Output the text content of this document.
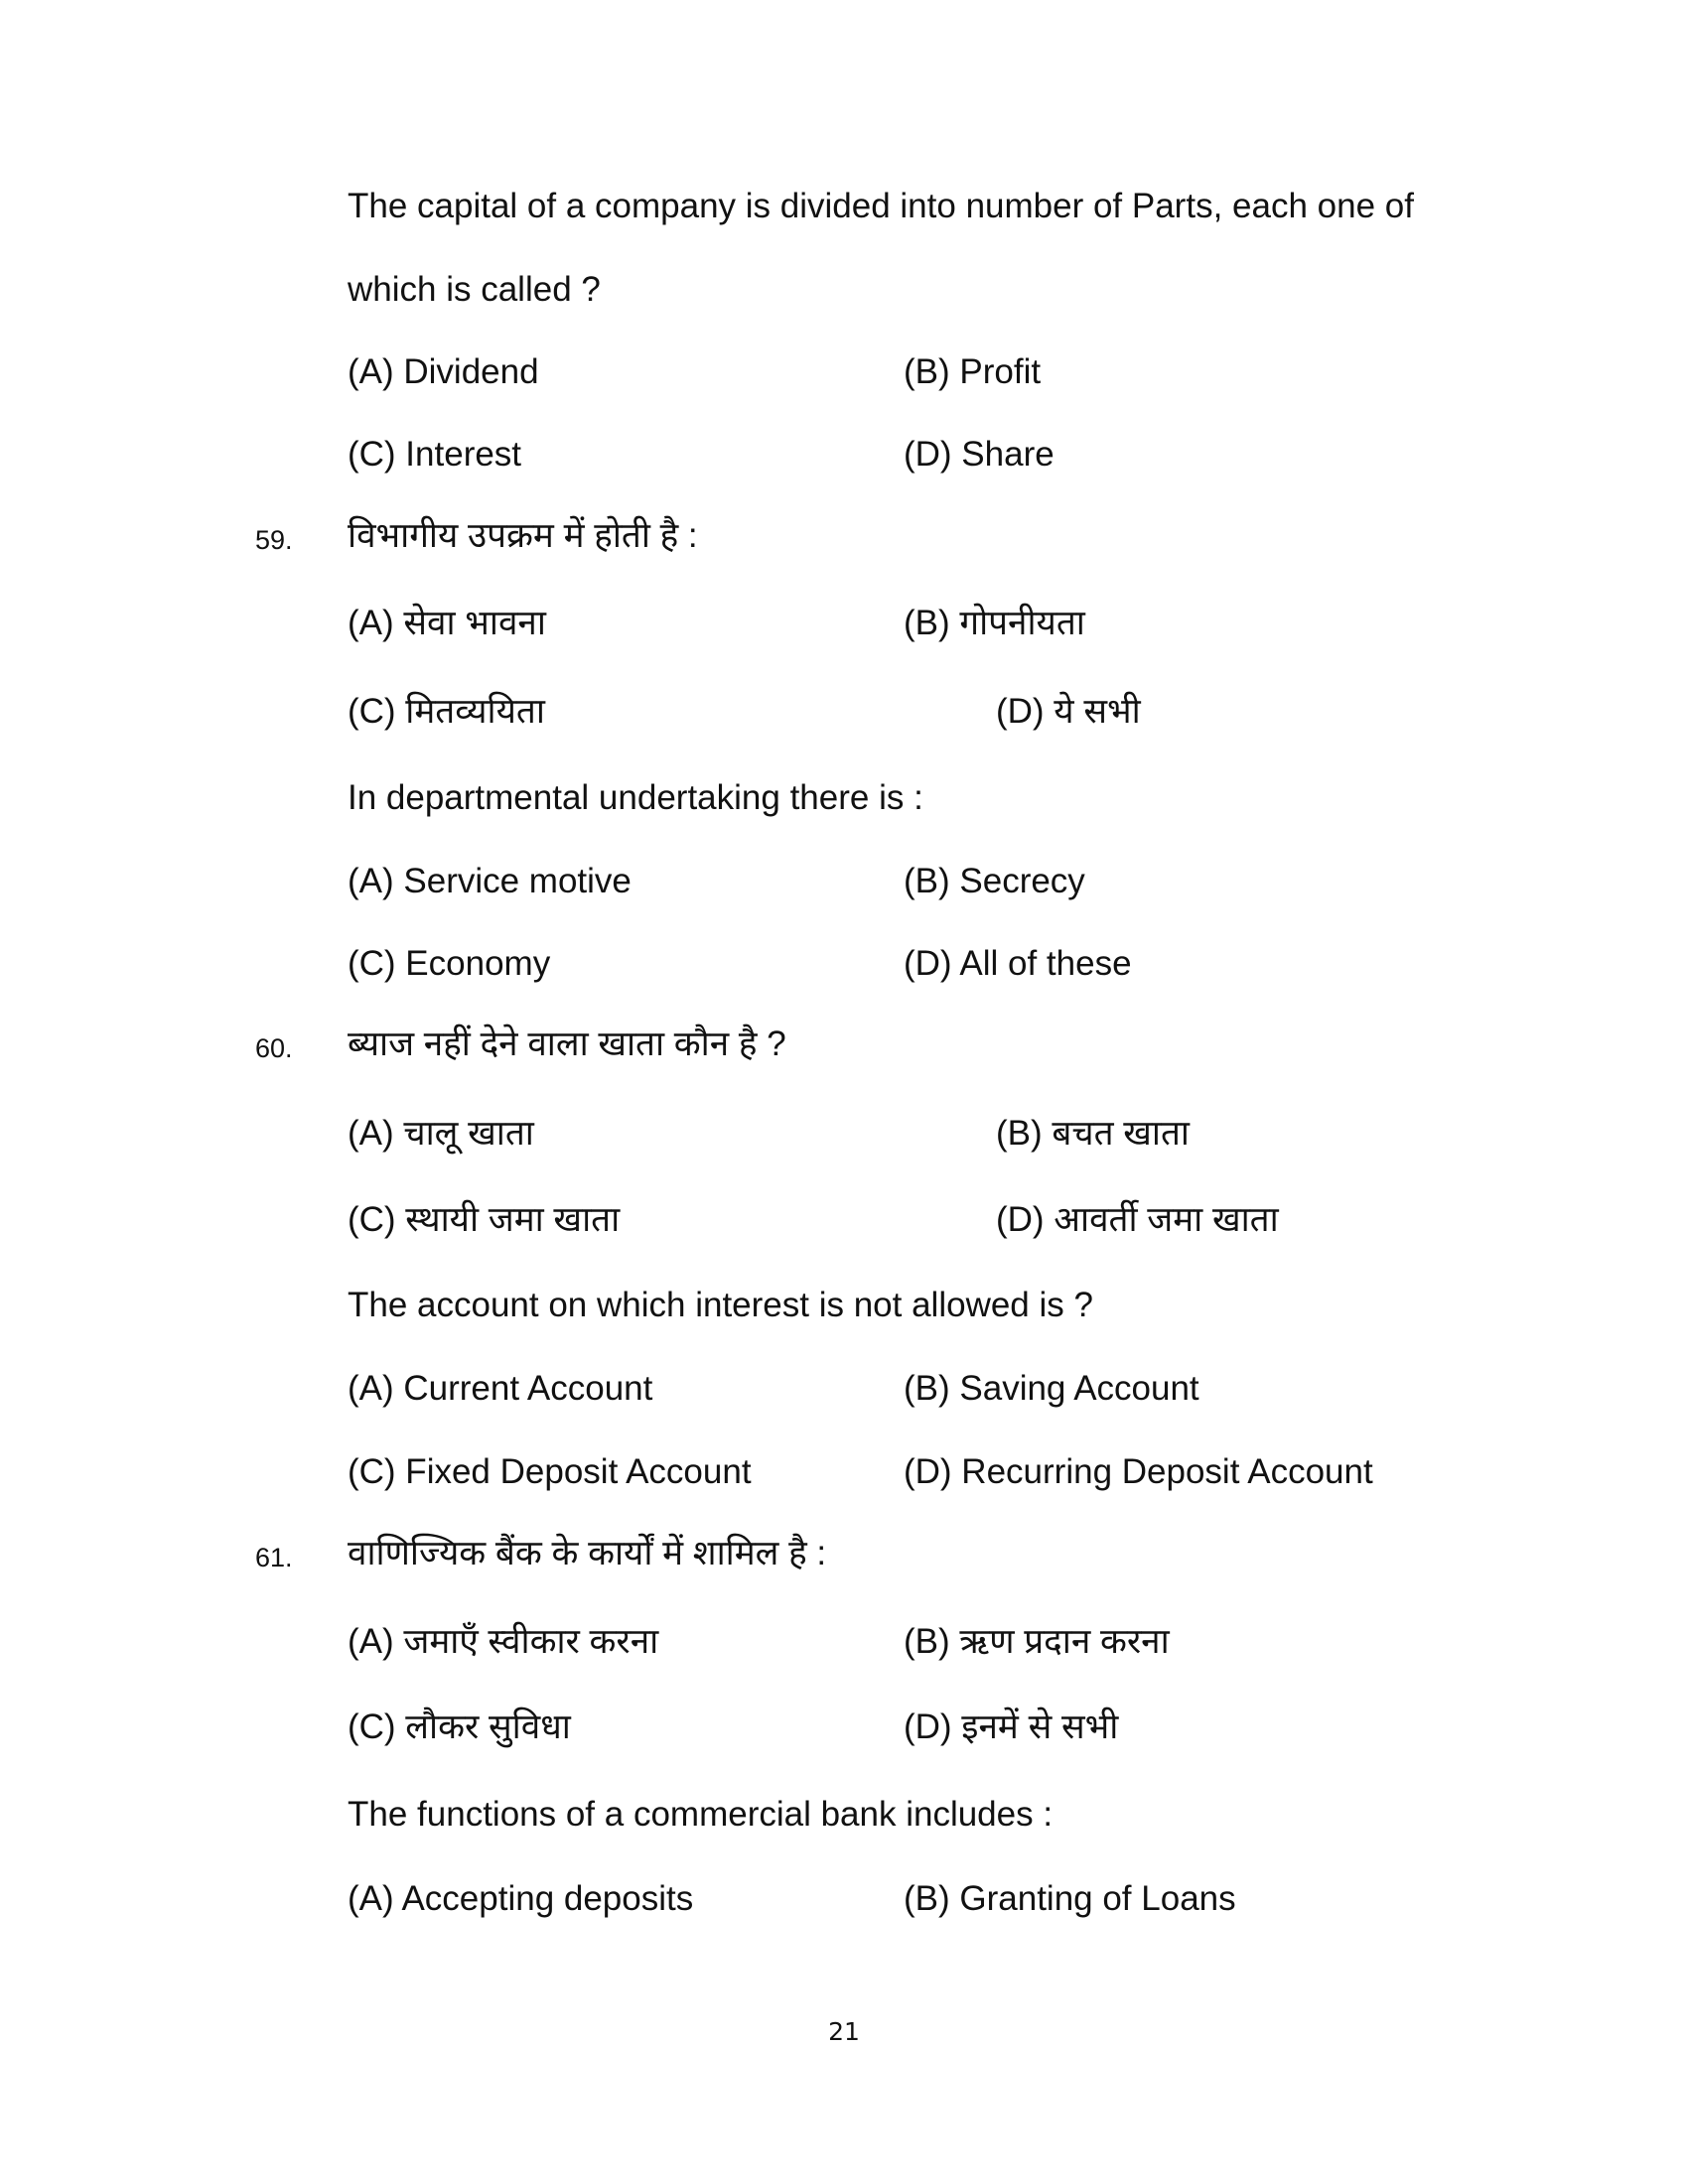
The capital of a company is divided into number of Parts, each one of
which is called ?
(A) Dividend	(B) Profit
(C) Interest	(D) Share
59. विभागीय उपक्रम में होती है :
(A) सेवा भावना	(B) गोपनीयता
(C) मितव्ययिता	(D) ये सभी
In departmental undertaking there is :
(A) Service motive	(B) Secrecy
(C) Economy	(D) All of these
60. ब्याज नहीं देने वाला खाता कौन है ?
(A) चालू खाता	(B) बचत खाता
(C) स्थायी जमा खाता	(D) आवर्ती जमा खाता
The account on which interest is not allowed is ?
(A) Current Account	(B) Saving Account
(C) Fixed Deposit Account	(D) Recurring Deposit Account
61. वाणिज्यिक बैंक के कार्यों में शामिल है :
(A) जमाएँ स्वीकार करना	(B) ऋण प्रदान करना
(C) लौकर सुविधा	(D) इनमें से सभी
The functions of a commercial bank includes :
(A) Accepting deposits	(B) Granting of Loans
21
